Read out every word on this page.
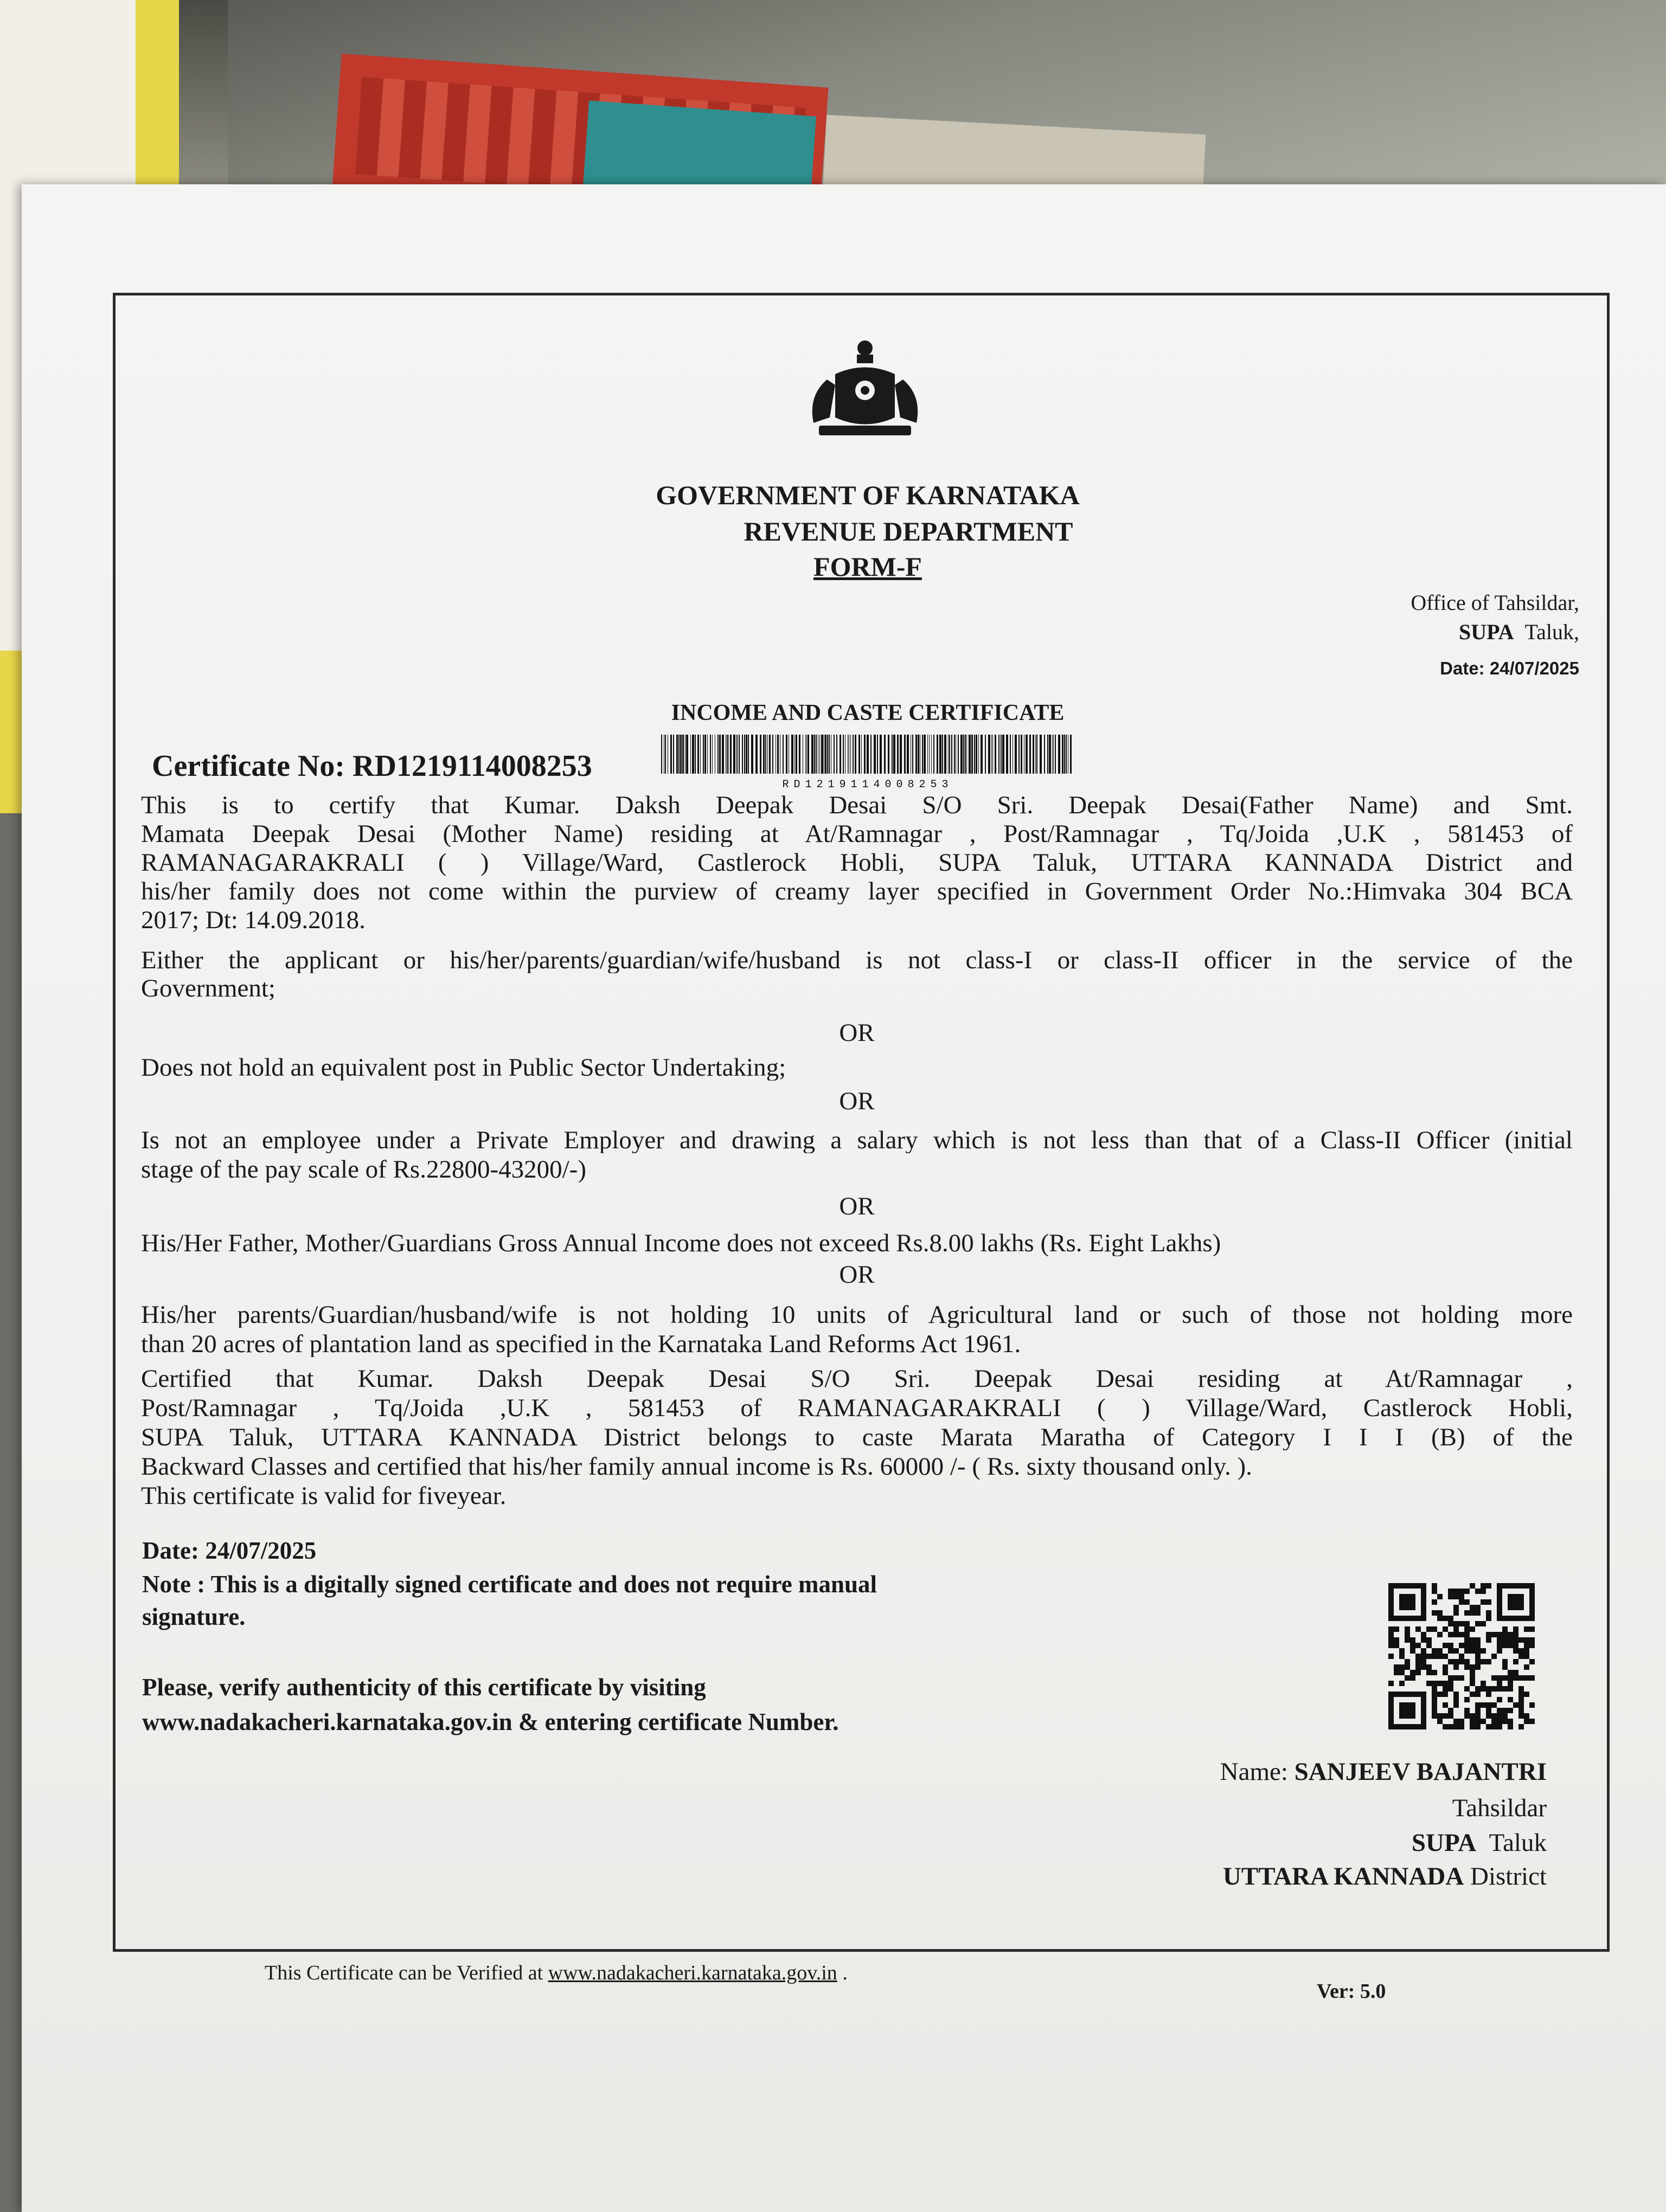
GOVERNMENT OF KARNATAKA
REVENUE DEPARTMENT
FORM-F
Office of Tahsildar,
SUPA Taluk,
Date: 24/07/2025
INCOME AND CASTE CERTIFICATE
Certificate No: RD1219114008253
RD1219114008253
This is to certify that Kumar. Daksh Deepak Desai S/O Sri. Deepak Desai(Father Name) and Smt.
Mamata Deepak Desai (Mother Name) residing at At/Ramnagar , Post/Ramnagar , Tq/Joida ,U.K , 581453 of
RAMANAGARAKRALI ( ) Village/Ward, Castlerock Hobli, SUPA Taluk, UTTARA KANNADA District and
his/her family does not come within the purview of creamy layer specified in Government Order No.:Himvaka 304 BCA
2017; Dt: 14.09.2018.
Either the applicant or his/her/parents/guardian/wife/husband is not class-I or class-II officer in the service of the
Government;
OR
Does not hold an equivalent post in Public Sector Undertaking;
OR
Is not an employee under a Private Employer and drawing a salary which is not less than that of a Class-II Officer (initial
stage of the pay scale of Rs.22800-43200/-)
OR
His/Her Father, Mother/Guardians Gross Annual Income does not exceed Rs.8.00 lakhs (Rs. Eight Lakhs)
OR
His/her parents/Guardian/husband/wife is not holding 10 units of Agricultural land or such of those not holding more
than 20 acres of plantation land as specified in the Karnataka Land Reforms Act 1961.
Certified that Kumar. Daksh Deepak Desai S/O Sri. Deepak Desai residing at At/Ramnagar ,
Post/Ramnagar , Tq/Joida ,U.K , 581453 of RAMANAGARAKRALI ( ) Village/Ward, Castlerock Hobli,
SUPA Taluk, UTTARA KANNADA District belongs to caste Marata Maratha of Category I I I (B) of the
Backward Classes and certified that his/her family annual income is Rs. 60000 /- ( Rs. sixty thousand only. ).
This certificate is valid for fiveyear.
Date: 24/07/2025
Note : This is a digitally signed certificate and does not require manual
signature.
Please, verify authenticity of this certificate by visiting
www.nadakacheri.karnataka.gov.in & entering certificate Number.
Name: SANJEEV BAJANTRI
Tahsildar
SUPA Taluk
UTTARA KANNADA District
This Certificate can be Verified at www.nadakacheri.karnataka.gov.in .
Ver: 5.0
